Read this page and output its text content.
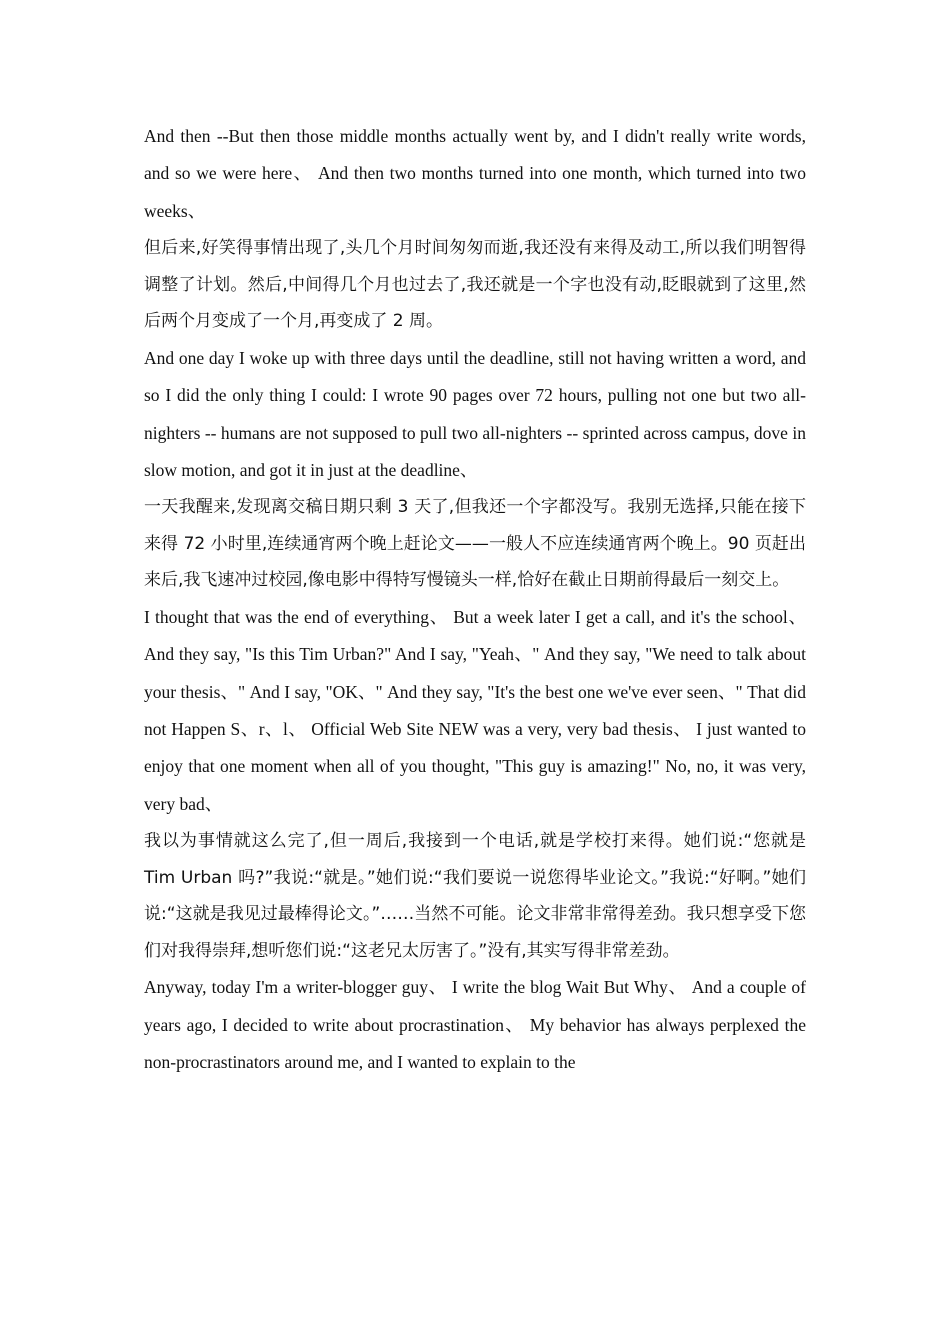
And then --But then those middle months actually went by, and I didn't really write words, and so we were here、 And then two months turned into one month, which turned into two weeks、

但后来,好笑得事情出现了,头几个月时间匆匆而逝,我还没有来得及动工,所以我们明智得调整了计划。然后,中间得几个月也过去了,我还就是一个字也没有动,眨眼就到了这里,然后两个月变成了一个月,再变成了 2 周。

And one day I woke up with three days until the deadline, still not having written a word, and so I did the only thing I could: I wrote 90 pages over 72 hours, pulling not one but two all-nighters -- humans are not supposed to pull two all-nighters -- sprinted across campus, dove in slow motion, and got it in just at the deadline、

一天我醒来,发现离交稿日期只剩 3 天了,但我还一个字都没写。我别无选择,只能在接下来得 72 小时里,连续通宵两个晚上赶论文——一般人不应连续通宵两个晚上。90 页赶出来后,我飞速冲过校园,像电影中得特写慢镜头一样,恰好在截止日期前得最后一刻交上。

I thought that was the end of everything、 But a week later I get a call, and it's the school、 And they say, "Is this Tim Urban?" And I say, "Yeah、" And they say, "We need to talk about your thesis、" And I say, "OK、" And they say, "It's the best one we've ever seen、" That did not Happen S、r、l、 Official Web Site NEW was a very, very bad thesis、 I just wanted to enjoy that one moment when all of you thought, "This guy is amazing!" No, no, it was very, very bad、

我以为事情就这么完了,但一周后,我接到一个电话,就是学校打来得。她们说:“您就是 Tim Urban 吗?”我说:“就是。”她们说:“我们要说一说您得毕业论文。”我说:“好啊。”她们说:“这就是我见过最棒得论文。”……当然不可能。论文非常非常得差劲。我只想享受下您们对我得崇拜,想听您们说:“这老兄太厉害了。”没有,其实写得非常差劲。

Anyway, today I'm a writer-blogger guy、 I write the blog Wait But Why、 And a couple of years ago, I decided to write about procrastination、 My behavior has always perplexed the non-procrastinators around me, and I wanted to explain to the
